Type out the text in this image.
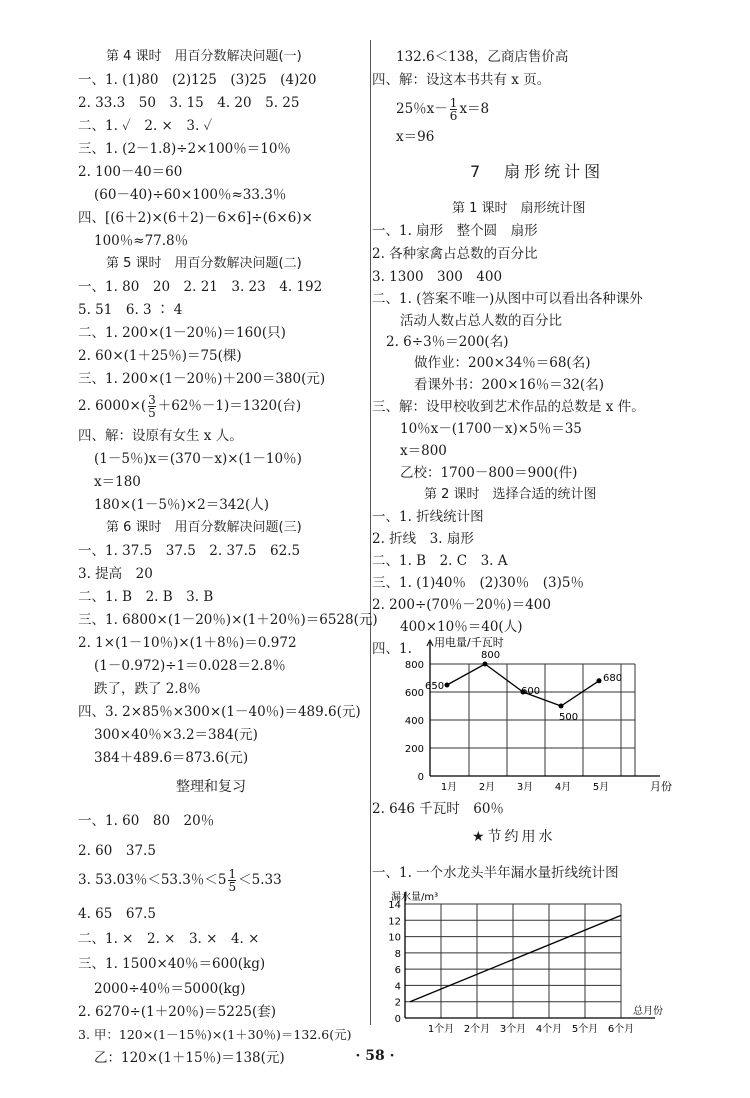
第 4 课时　用百分数解决问题(一)
一、1. (1)80　(2)125　(3)25　(4)20
2. 33.3　50　3. 15　4. 20　5. 25
二、1. ✓　2. ×　3. ✓
三、1. (2－1.8)÷2×100％＝10％
2. 100－40＝60
(60－40)÷60×100％≈33.3％
四、[(6＋2)×(6＋2)－6×6]÷(6×6)×
100％≈77.8％
第 5 课时　用百分数解决问题(二)
一、1. 80　20　2. 21　3. 23　4. 192
5. 51　6. 3 ∶ 4
二、1. 200×(1－20％)＝160(只)
2. 60×(1＋25％)＝75(棵)
三、1. 200×(1－20％)＋200＝380(元)
2. $6000\times( \frac{3}{5} +62$％－1)＝1320(台)
四、解：设原有女生 x 人。
(1－5％)x＝(370－x)×(1－10％)
x＝180
180×(1－5％)×2＝342(人)
第 6 课时　用百分数解决问题(三)
一、1. 37.5　37.5　2. 37.5　62.5
3. 提高　20
二、1. B　2. B　3. B
三、1. 6800×(1－20％)×(1＋20％)＝6528(元)
2. 1×(1－10％)×(1＋8％)＝0.972
(1－0.972)÷1＝0.028＝2.8％
跌了，跌了 2.8％
四、3. 2×85％×300×(1－40％)＝489.6(元)
300×40％×3.2＝384(元)
384＋489.6＝873.6(元)
整理和复习
一、1. 60　80　20％
2. 60　37.5
3. 53.03％＜53.3％$<5 \frac{1}{5} <5.33$
4. 65　67.5
二、1. ×　2. ×　3. ×　4. ×
三、1. 1500×40％＝600(kg)
2000÷40％＝5000(kg)
2. 6270÷(1＋20％)＝5225(套)
3. 甲：120×(1－15％)×(1＋30％)＝132.6(元)
乙：120×(1＋15％)＝138(元)
132.6＜138，乙商店售价高
四、解：设这本书共有 x 页。
25％$x- \frac{1}{6} x=8$
x＝96
7　扇形统计图
第 1 课时　扇形统计图
一、1. 扇形　整个圆　扇形
2. 各种家禽占总数的百分比
3. 1300　300　400
二、1. (答案不唯一)从图中可以看出各种课外
活动人数占总人数的百分比
2. 6÷3％＝200(名)
做作业：200×34％＝68(名)
看课外书：200×16％＝32(名)
三、解：设甲校收到艺术作品的总数是 x 件。
10％x－(1700－x)×5％＝35
x＝800
乙校：1700－800＝900(件)
第 2 课时　选择合适的统计图
一、1. 折线统计图
2. 折线　3. 扇形
二、1. B　2. C　3. A
三、1. (1)40％　(2)30％　(3)5％
2. 200÷(70％－20％)＝400
400×10％＝40(人)
四、1.
2. 646 千瓦时　60％
★节约用水
一、1. 一个水龙头半年漏水量折线统计图
0
200
400
600
800
用电量/千瓦时
月份
1月 2月 3月 4月 5月
650
800
600
500
680
0
2
4
6
8
10
12
14
漏水量/m³
总月份
1个月 2个月 3个月 4个月 5个月 6个月
· 58 ·
